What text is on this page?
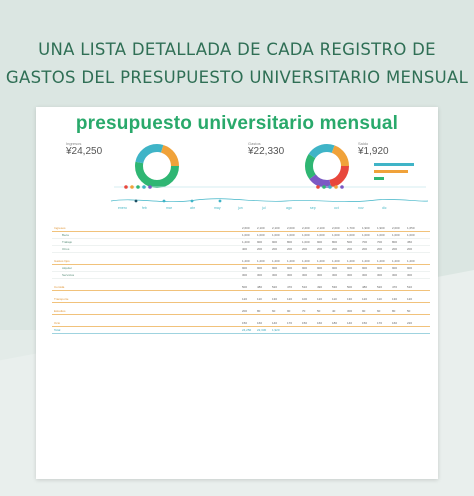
UNA LISTA DETALLADA DE CADA REGISTRO DE
GASTOS DEL PRESUPUESTO UNIVERSITARIO MENSUAL
presupuesto universitario mensual
Ingresos
¥24,250
Gastos
¥22,330
Saldo
¥1,920
enero	feb	mar	abr	may	jun	jul	ago	sep	oct	nov	dic
Ingresos	2,600 2,100 2,100 2,000 2,200 2,100 2,000 1,700 1,900 1,900 2,000 1,650
Beca	1,000 1,000 1,000 1,000 1,000 1,000 1,000 1,000 1,000 1,000 1,000 1,000
Trabajo	1,200 900	900	800	1,000 900	800	500	700	700	800	450
Otros	400	200	200	200	200	200	200	200	200	200	200	200
Gastos fijos	1,200 1,200 1,200 1,200 1,200 1,200 1,200 1,200 1,200 1,200 1,200 1,200
Alquiler	900	900	900	900	900	900	900	900	900	900	900	900
Servicios	300	300	300	300	300	300	300	300	300	300	300	300
Comida	500	480	520	470	510	490	530	500	480	520	470	510
Transporte	120	110	130	120	100	120	110	130	120	110	130	120
Estudios	200	80	60	90	70	50	40	300	90	60	80	50
Ocio	150	160	140	170	150	160	180	140	150	170	160	220
Total	24,250 22,330 1,920
